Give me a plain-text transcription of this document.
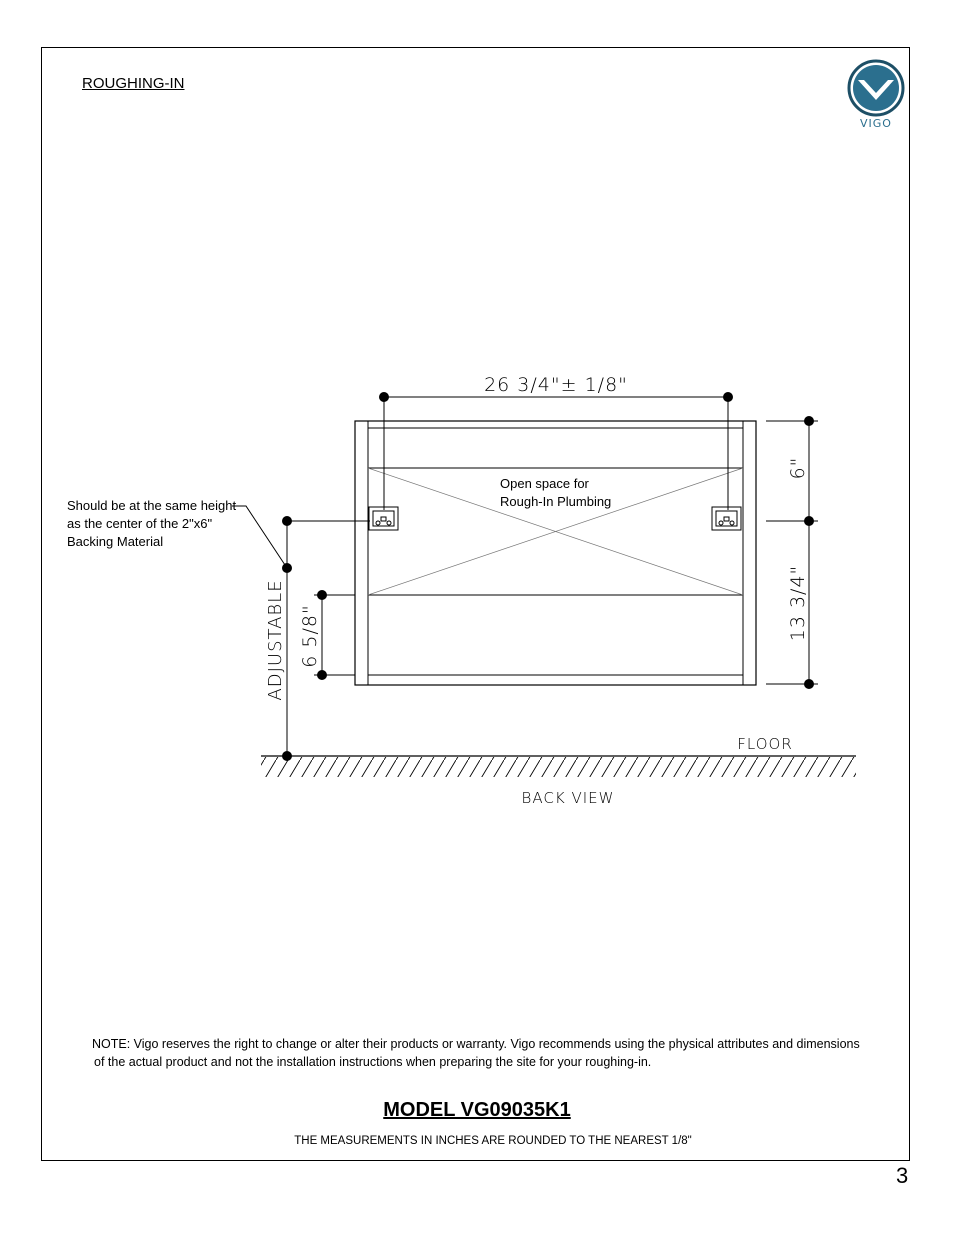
ROUGHING-IN
VIGO
26 3/4"± 1/8"
6"
13 3/4"
ADJUSTABLE 6 5/8"
FLOOR
BACK VIEW
Should be at the same height
as the center of the 2"x6"
Backing Material
Open space for
Rough-In Plumbing
NOTE: Vigo reserves the right to change or alter their products or warranty. Vigo recommends using the physical attributes and dimensions
of the actual product and not the installation instructions when preparing the site for your roughing-in.
MODEL VG09035K1
THE MEASUREMENTS IN INCHES ARE ROUNDED TO THE NEAREST 1/8"
3
